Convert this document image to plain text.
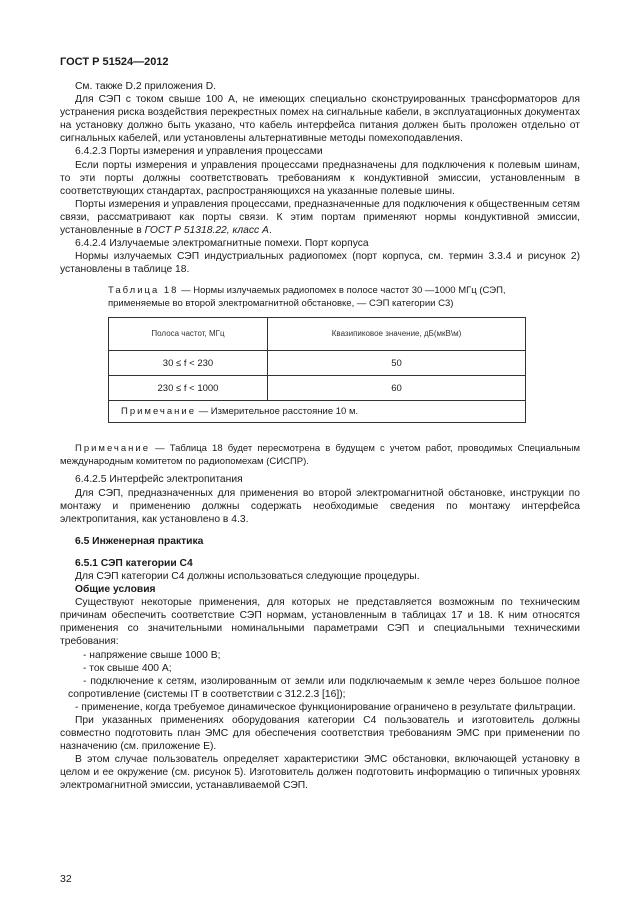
ГОСТ Р 51524—2012

См. также D.2 приложения D.

Для СЭП с током свыше 100 А, не имеющих специально сконструированных трансформаторов для устранения риска воздействия перекрестных помех на сигнальные кабели, в эксплуатационных документах на установку должно быть указано, что кабель интерфейса питания должен быть проложен отдельно от сигнальных кабелей, или установлены альтернативные методы помехоподавления.

6.4.2.3 Порты измерения и управления процессами

Если порты измерения и управления процессами предназначены для подключения к полевым шинам, то эти порты должны соответствовать требованиям к кондуктивной эмиссии, установленным в соответствующих стандартах, распространяющихся на указанные полевые шины.

Порты измерения и управления процессами, предназначенные для подключения к общественным сетям связи, рассматривают как порты связи. К этим портам применяют нормы кондуктивной эмиссии, установленные в ГОСТ Р 51318.22, класс А.

6.4.2.4 Излучаемые электромагнитные помехи. Порт корпуса

Нормы излучаемых СЭП индустриальных радиопомех (порт корпуса, см. термин 3.3.4 и рисунок 2) установлены в таблице 18.

Таблица 18 — Нормы излучаемых радиопомех в полосе частот 30 —1000 МГц (СЭП, применяемые во второй электромагнитной обстановке, — СЭП категории С3)

Полоса частот, МГц	Квазипиковое значение, дБ(мкВ\м)

30 ≤ f < 230	50
230 ≤ f < 1000	60
Примечание — Измерительное расстояние 10 м.	

Примечание — Таблица 18 будет пересмотрена в будущем с учетом работ, проводимых Специальным международным комитетом по радиопомехам (СИСПР).

6.4.2.5 Интерфейс электропитания

Для СЭП, предназначенных для применения во второй электромагнитной обстановке, инструкции по монтажу и применению должны содержать необходимые сведения по монтажу интерфейса электропитания, как установлено в 4.3.

6.5 Инженерная практика

6.5.1 СЭП категории С4

Для СЭП категории С4 должны использоваться следующие процедуры.

Общие условия

Существуют некоторые применения, для которых не представляется возможным по техническим причинам обеспечить соответствие СЭП нормам, установленным в таблицах 17 и 18. К ним относятся применения со значительными номинальными параметрами СЭП и специальными техническими требования:

- напряжение свыше 1000 В;

- ток свыше 400 А;

- подключение к сетям, изолированным от земли или подключаемым к земле через большое полное сопротивление (системы IT в соответствии с 312.2.3 [16]);

- применение, когда требуемое динамическое функционирование ограничено в результате фильтрации.

При указанных применениях оборудования категории С4 пользователь и изготовитель должны совместно подготовить план ЭМС для обеспечения соответствия требованиям ЭМС при применении по назначению (см. приложение Е).

В этом случае пользователь определяет характеристики ЭМС обстановки, включающей установку в целом и ее окружение (см. рисунок 5). Изготовитель должен подготовить информацию о типичных уровнях электромагнитной эмиссии, устанавливаемой СЭП.

32
